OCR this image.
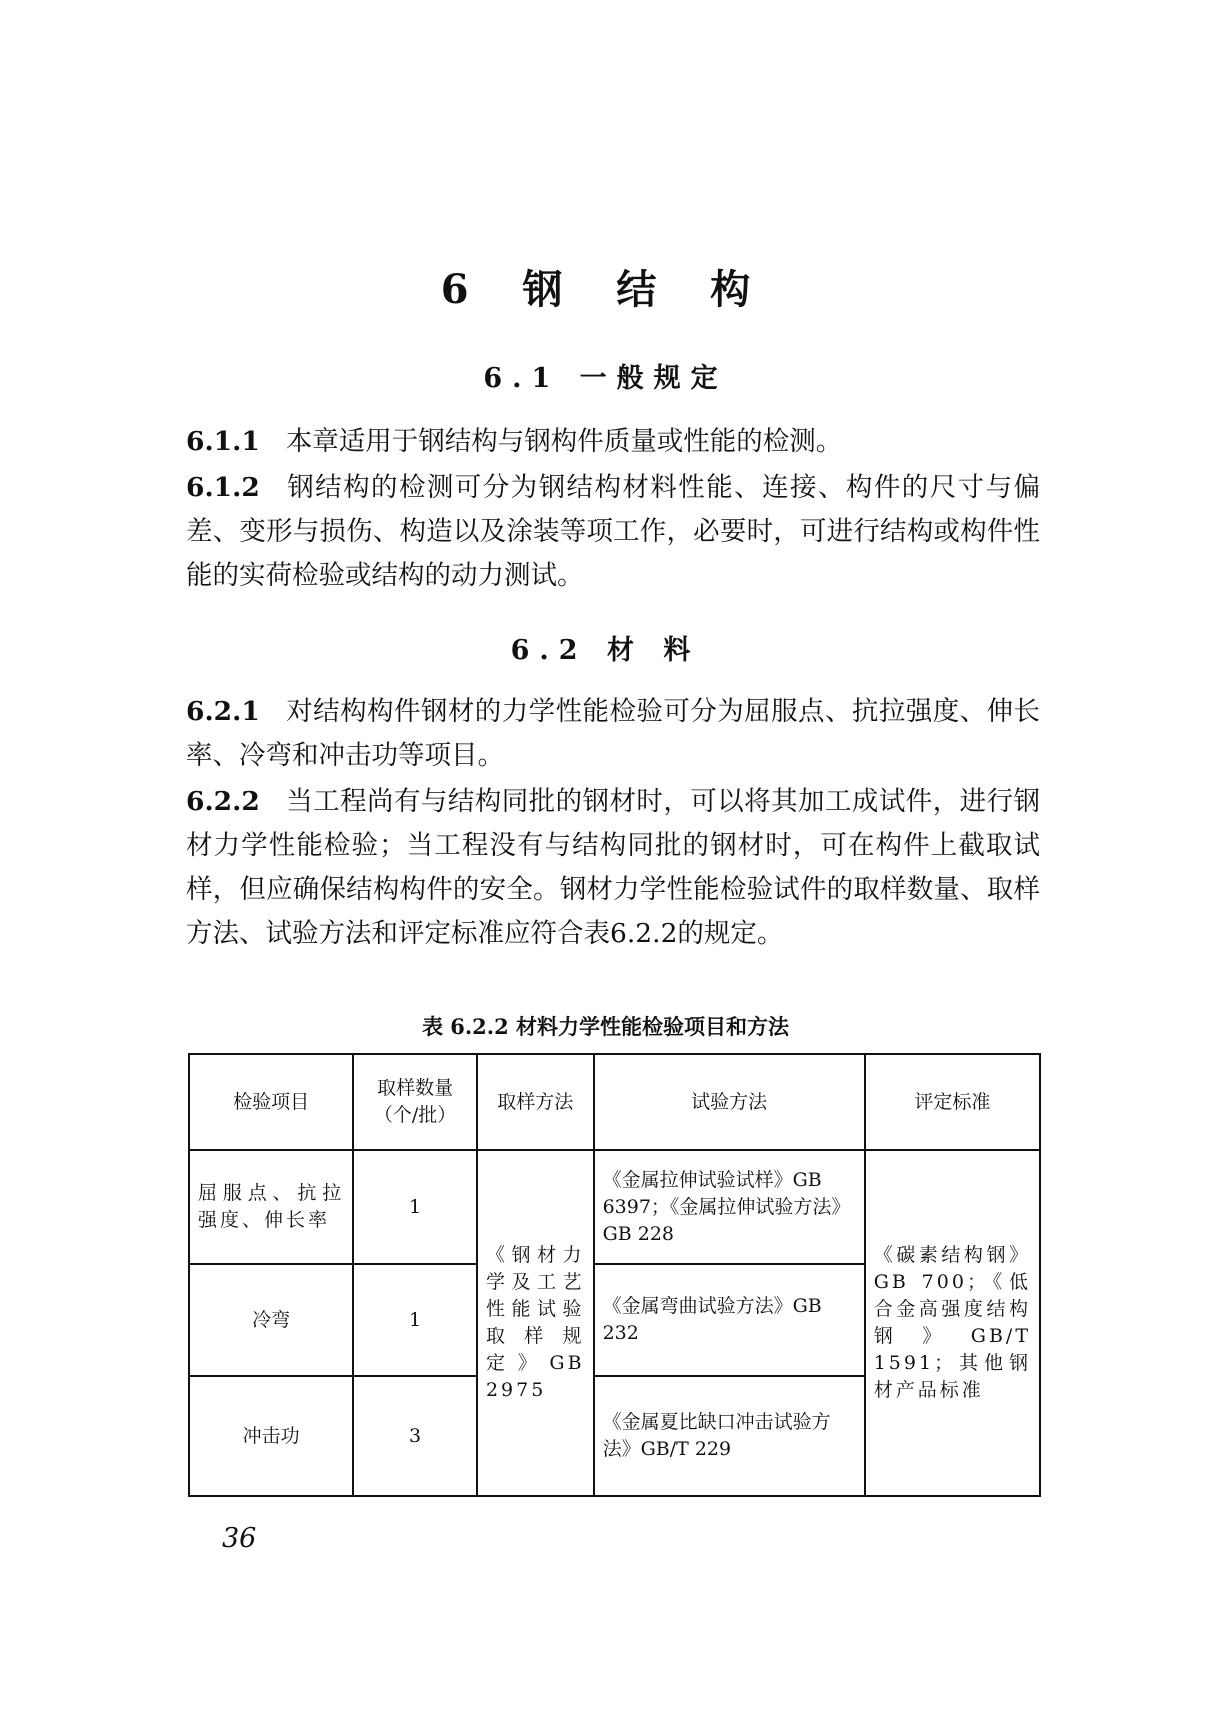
6 钢 结 构
6.1 一般规定

6.1.1 本章适用于钢结构与钢构件质量或性能的检测。

6.1.2 钢结构的检测可分为钢结构材料性能、连接、构件的尺寸与偏差、变形与损伤、构造以及涂装等项工作，必要时，可进行结构或构件性能的实荷检验或结构的动力测试。

6.2 材 料

6.2.1 对结构构件钢材的力学性能检验可分为屈服点、抗拉强度、伸长率、冷弯和冲击功等项目。

6.2.2 当工程尚有与结构同批的钢材时，可以将其加工成试件，进行钢材力学性能检验；当工程没有与结构同批的钢材时，可在构件上截取试样，但应确保结构构件的安全。钢材力学性能检验试件的取样数量、取样方法、试验方法和评定标准应符合表6.2.2的规定。

表 6.2.2 材料力学性能检验项目和方法
检验项目	取样数量（个/批）	取样方法	试验方法	评定标准
屈服点、抗拉强度、伸长率	1	《钢材力学及工艺性能试验取样规定》GB 2975	《金属拉伸试验试样》GB 6397；《金属拉伸试验方法》GB 228	《碳素结构钢》GB 700；《低合金高强度结构钢》GB/T 1591；其他钢材产品标准
冷弯	1		《金属弯曲试验方法》GB 232	
冲击功	3		《金属夏比缺口冲击试验方法》GB/T 229	
36
